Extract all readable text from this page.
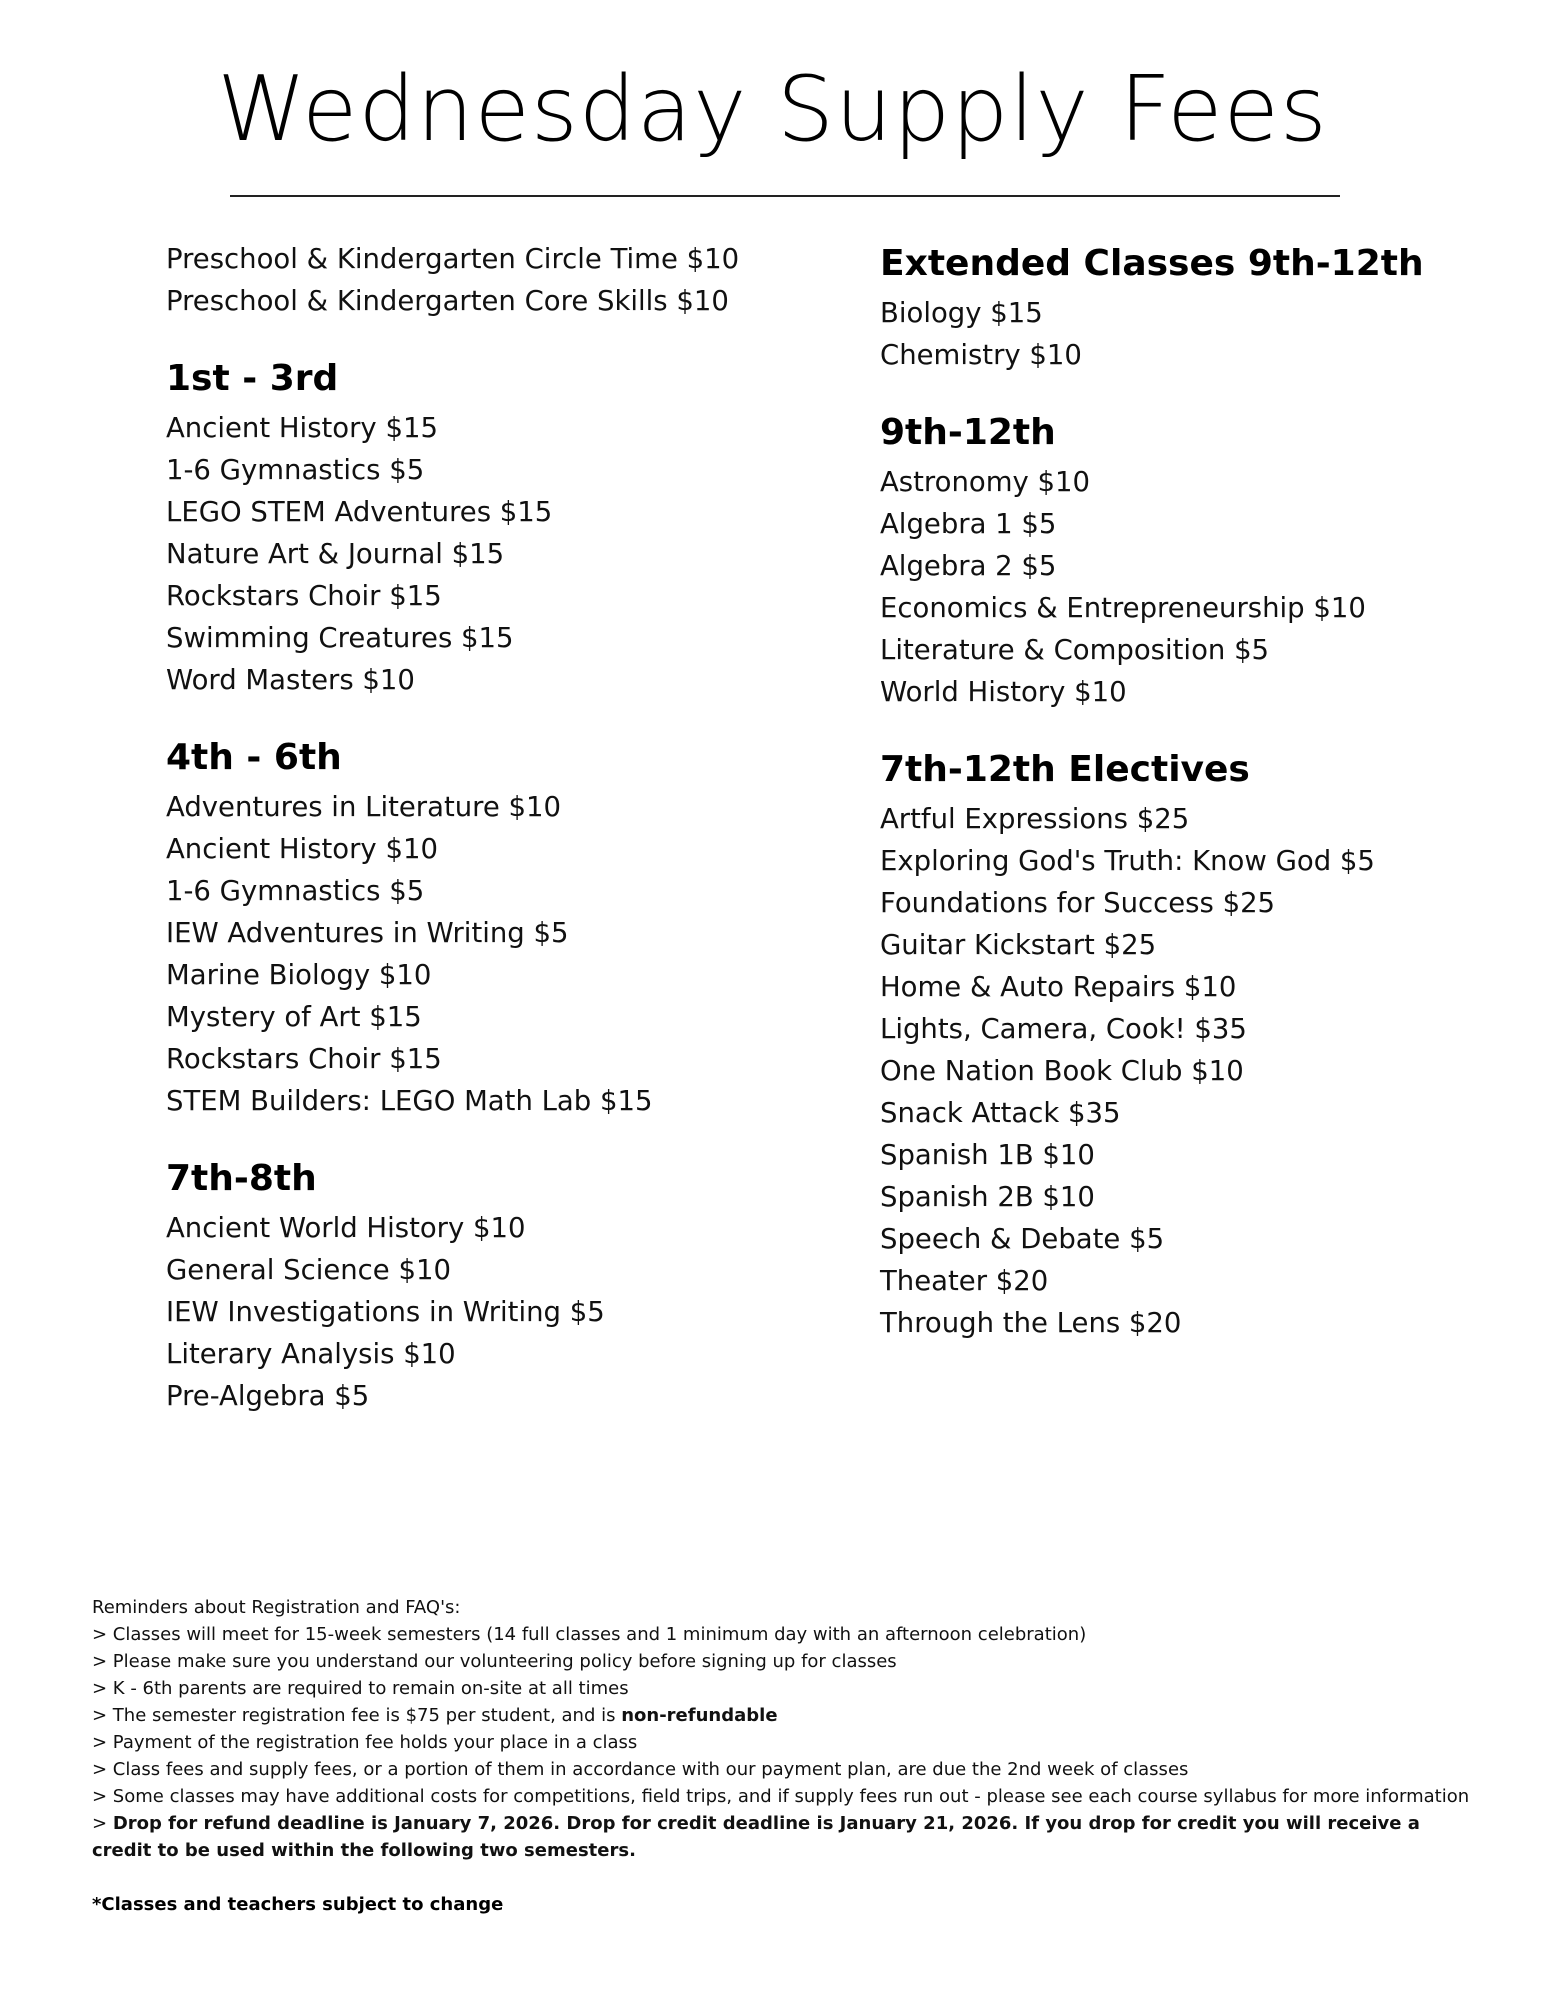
Wednesday Supply Fees
Preschool & Kindergarten Circle Time $10
Preschool & Kindergarten Core Skills $10
1st - 3rd
Ancient History $15
1-6 Gymnastics $5
LEGO STEM Adventures $15
Nature Art & Journal $15
Rockstars Choir $15
Swimming Creatures $15
Word Masters $10
4th - 6th
Adventures in Literature $10
Ancient History $10
1-6 Gymnastics $5
IEW Adventures in Writing $5
Marine Biology $10
Mystery of Art $15
Rockstars Choir $15
STEM Builders: LEGO Math Lab $15
7th-8th
Ancient World History $10
General Science $10
IEW Investigations in Writing $5
Literary Analysis $10
Pre-Algebra $5
Extended Classes 9th-12th
Biology $15
Chemistry $10
9th-12th
Astronomy $10
Algebra 1 $5
Algebra 2 $5
Economics & Entrepreneurship $10
Literature & Composition $5
World History $10
7th-12th Electives
Artful Expressions $25
Exploring God's Truth: Know God $5
Foundations for Success $25
Guitar Kickstart $25
Home & Auto Repairs $10
Lights, Camera, Cook! $35
One Nation Book Club $10
Snack Attack $35
Spanish 1B $10
Spanish 2B $10
Speech & Debate $5
Theater $20
Through the Lens $20
Reminders about Registration and FAQ's:
> Classes will meet for 15-week semesters (14 full classes and 1 minimum day with an afternoon celebration)
> Please make sure you understand our volunteering policy before signing up for classes
> K - 6th parents are required to remain on-site at all times
> The semester registration fee is $75 per student, and is non-refundable
> Payment of the registration fee holds your place in a class
> Class fees and supply fees, or a portion of them in accordance with our payment plan, are due the 2nd week of classes
> Some classes may have additional costs for competitions, field trips, and if supply fees run out - please see each course syllabus for more information
> Drop for refund deadline is January 7, 2026. Drop for credit deadline is January 21, 2026. If you drop for credit you will receive a credit to be used within the following two semesters.
*Classes and teachers subject to change
